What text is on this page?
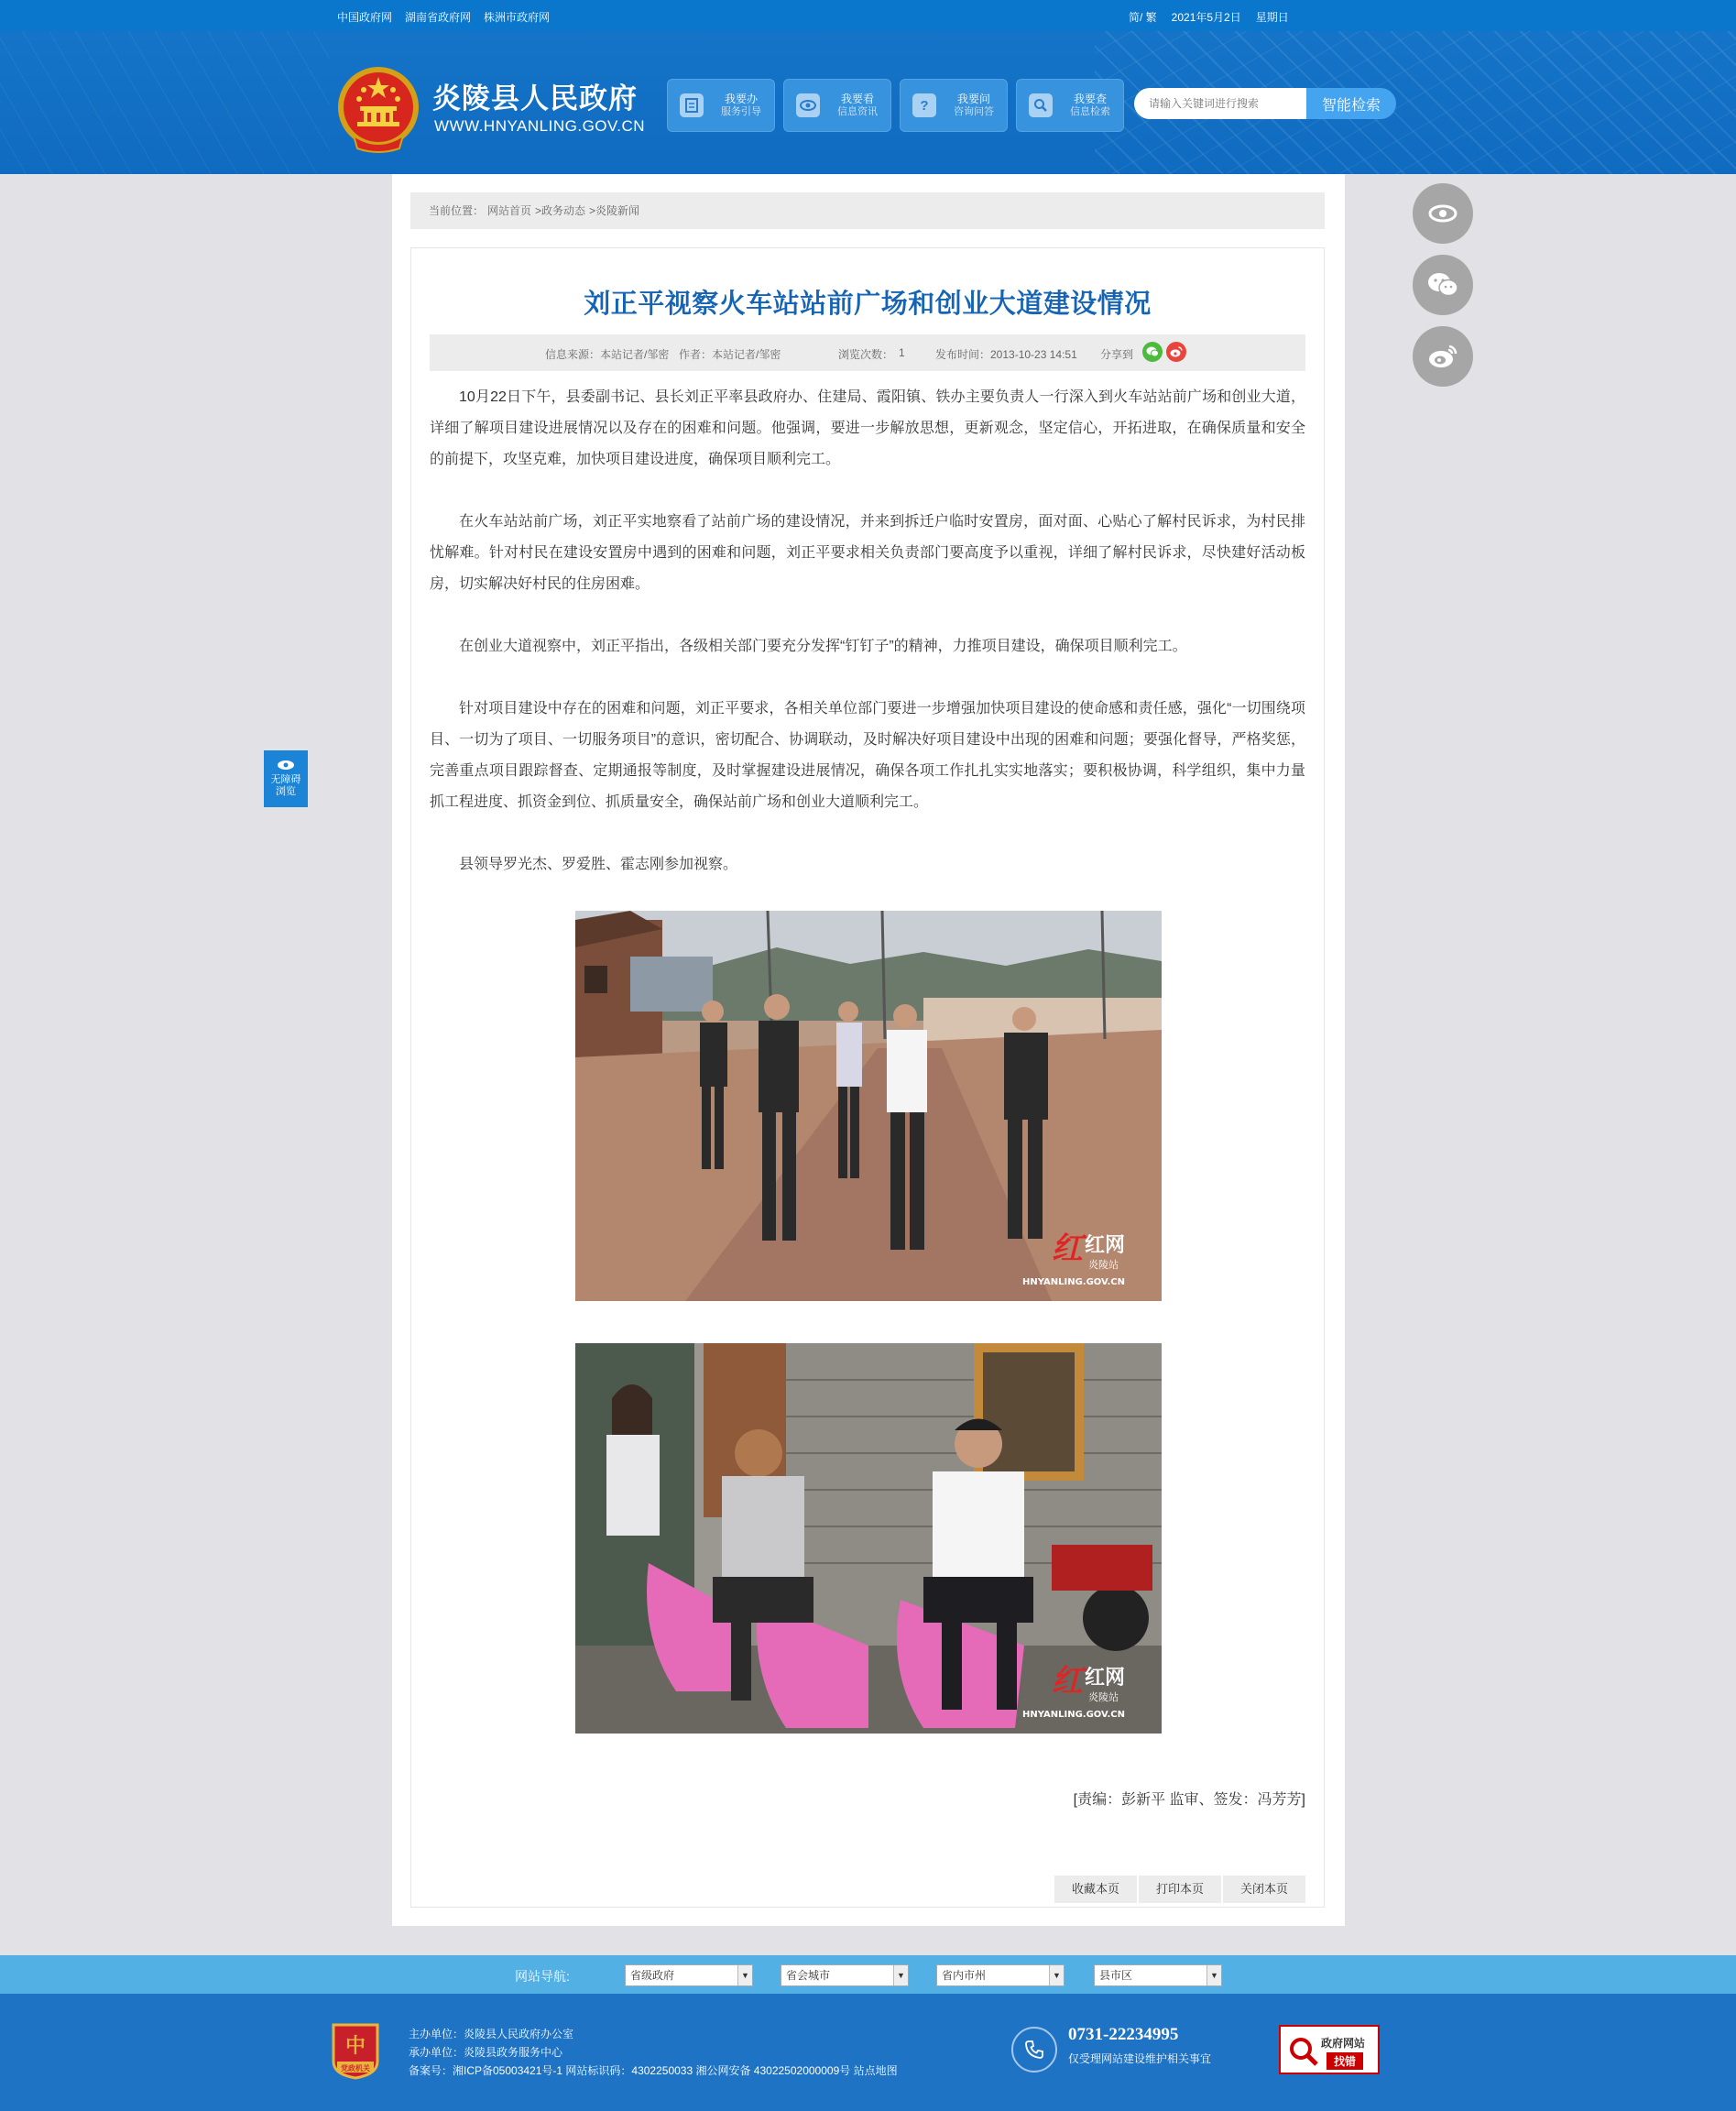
中国政府网 湖南省政府网 株洲市政府网	简/ 繁 2021年5月2日 星期日
炎陵县人民政府
WWW.HNYANLING.GOV.CN
我要办
服务引导
我要看
信息资讯	?	我要问
咨询问答
我要查
信息检索
请输入关键词进行搜索	智能检索
无障碍
浏览
当前位置： 网站首页 >政务动态 >炎陵新闻
刘正平视察火车站站前广场和创业大道建设情况
信息来源：本站记者/邹密 作者：本站记者/邹密	浏览次数： 1	发布时间：2013-10-23 14:51 分享到

10月22日下午，县委副书记、县长刘正平率县政府办、住建局、霞阳镇、铁办主要负责人一行深入到火车站站前广场和创业大道，详细了解项目建设进展情况以及存在的困难和问题。他强调，要进一步解放思想，更新观念，坚定信心，开拓进取，在确保质量和安全的前提下，攻坚克难，加快项目建设进度，确保项目顺利完工。

在火车站站前广场，刘正平实地察看了站前广场的建设情况，并来到拆迁户临时安置房，面对面、心贴心了解村民诉求，为村民排忧解难。针对村民在建设安置房中遇到的困难和问题，刘正平要求相关负责部门要高度予以重视，详细了解村民诉求，尽快建好活动板房，切实解决好村民的住房困难。

在创业大道视察中，刘正平指出，各级相关部门要充分发挥“钉钉子”的精神，力推项目建设，确保项目顺利完工。

针对项目建设中存在的困难和问题，刘正平要求，各相关单位部门要进一步增强加快项目建设的使命感和责任感，强化“一切围绕项目、一切为了项目、一切服务项目”的意识，密切配合、协调联动，及时解决好项目建设中出现的困难和问题；要强化督导，严格奖惩，完善重点项目跟踪督查、定期通报等制度，及时掌握建设进展情况，确保各项工作扎扎实实地落实；要积极协调，科学组织，集中力量抓工程进度、抓资金到位、抓质量安全，确保站前广场和创业大道顺利完工。

县领导罗光杰、罗爱胜、霍志刚参加视察。

红 红网
炎陵站
HNYANLING.GOV.CN
红 红网
炎陵站
HNYANLING.GOV.CN
[责编：彭新平 监审、签发：冯芳芳]
收藏本页	打印本页	关闭本页
网站导航:	省级政府	▼	省会城市	▼	省内市州	▼	县市区	▼
中
党政机关
主办单位：炎陵县人民政府办公室
承办单位：炎陵县政务服务中心
备案号：湘ICP备05003421号-1 网站标识码：4302250033 湘公网安备 43022502000009号 站点地图
0731-22234995
仅受理网站建设维护相关事宜
政府网站
找错
